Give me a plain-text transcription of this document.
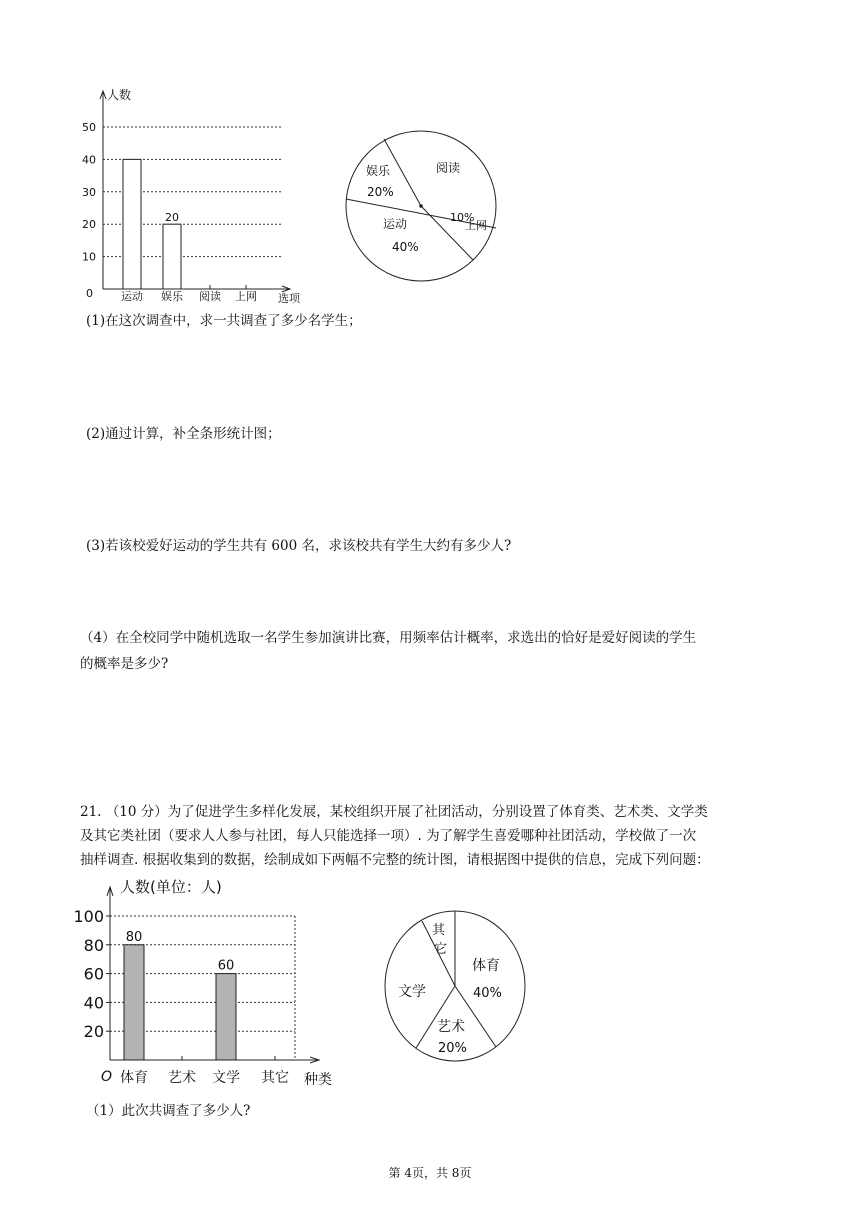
50
40
30
20
10
人数
选项
0
20
运动 娱乐 阅读 上网
阅读
娱乐
20%
运动
40%
10%
上网
(1)在这次调查中，求一共调查了多少名学生；
(2)通过计算，补全条形统计图；
(3)若该校爱好运动的学生共有 600 名，求该校共有学生大约有多少人?
（4）在全校同学中随机选取一名学生参加演讲比赛，用频率估计概率，求选出的恰好是爱好阅读的学生
的概率是多少?
21. （10 分）为了促进学生多样化发展，某校组织开展了社团活动，分别设置了体育类、艺术类、文学类
及其它类社团（要求人人参与社团，每人只能选择一项）. 为了解学生喜爱哪种社团活动，学校做了一次
抽样调查. 根据收集到的数据，绘制成如下两幅不完整的统计图，请根据图中提供的信息，完成下列问题：
100
80
60
40
20
人数(单位：人)
种类
O
80
60
体育 艺术 文学 其它
其
它
体育
40%
文学
艺术
20%
（1）此次共调查了多少人?
第 4页，共 8页
